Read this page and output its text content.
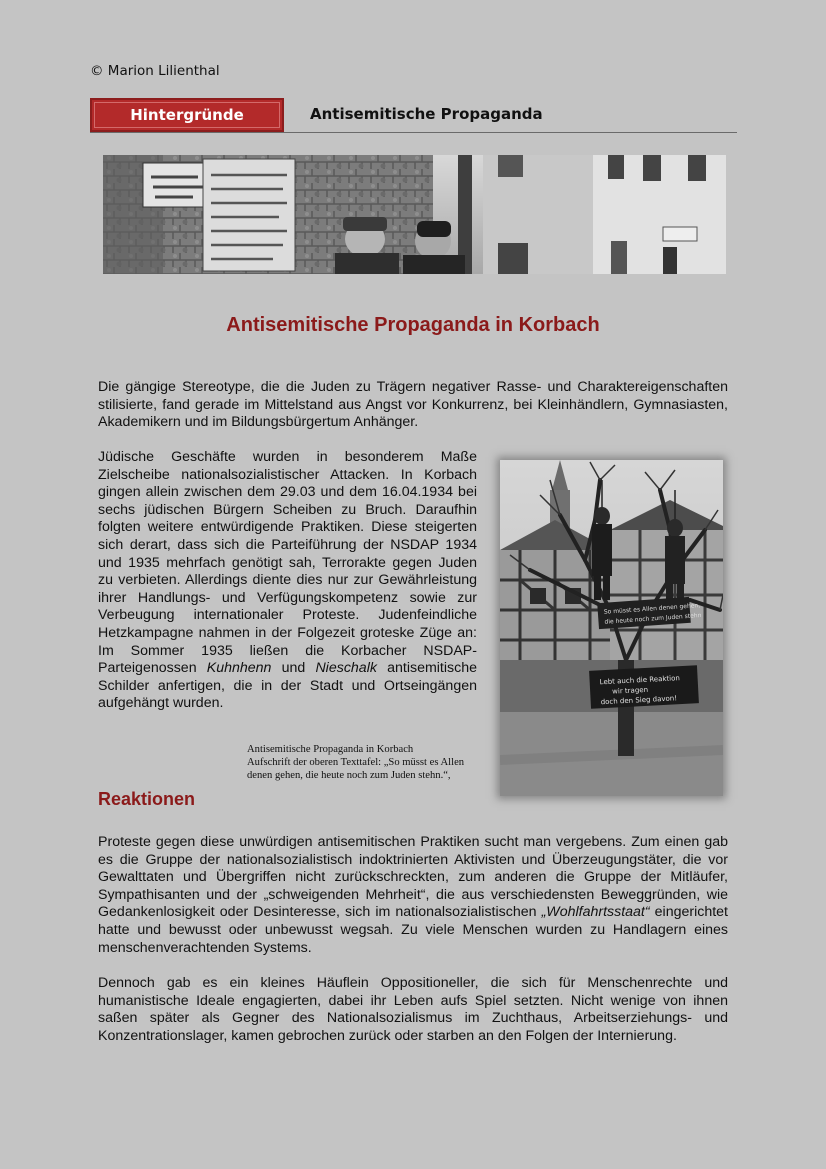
© Marion Lilienthal
Hintergründe	Antisemitische Propaganda
Antisemitische Propaganda in Korbach

Die gängige Stereotype, die die Juden zu Trägern negativer Rasse- und Charaktereigenschaften stilisierte, fand gerade im Mittelstand aus Angst vor Konkurrenz, bei Kleinhändlern, Gymnasiasten, Akademikern und im Bildungsbürgertum Anhänger.

Jüdische Geschäfte wurden in besonderem Maße Zielscheibe nationalsozialistischer Attacken. In Korbach gingen allein zwischen dem 29.03 und dem 16.04.1934 bei sechs jüdischen Bürgern Scheiben zu Bruch. Daraufhin folgten weitere entwürdigende Praktiken. Diese steigerten sich derart, dass sich die Parteiführung der NSDAP 1934 und 1935 mehrfach genötigt sah, Terrorakte gegen Juden zu verbieten. Allerdings diente dies nur zur Gewährleistung ihrer Handlungs- und Verfügungskompetenz sowie zur Verbeugung internationaler Proteste. Judenfeindliche Hetzkampagne nahmen in der Folgezeit groteske Züge an: Im Sommer 1935 ließen die Korbacher NSDAP-Parteigenossen Kuhnhenn und Nieschalk antisemitische Schilder anfertigen, die in der Stadt und Ortseingängen aufgehängt wurden.

So müsst es Allen denen gehen,
die heute noch zum Juden stehn
Lebt auch die Reaktion
wir tragen
doch den Sieg davon!
Antisemitische Propaganda in Korbach
Aufschrift der oberen Texttafel: „So müsst es Allen denen gehen, die heute noch zum Juden stehn.“,
Reaktionen

Proteste gegen diese unwürdigen antisemitischen Praktiken sucht man vergebens. Zum einen gab es die Gruppe der nationalsozialistisch indoktrinierten Aktivisten und Überzeugungstäter, die vor Gewalttaten und Übergriffen nicht zurückschreckten, zum anderen die Gruppe der Mitläufer, Sympathisanten und der „schweigenden Mehrheit“, die aus verschiedensten Beweggründen, wie Gedankenlosigkeit oder Desinteresse, sich im nationalsozialistischen „Wohlfahrtsstaat“ eingerichtet hatte und bewusst oder unbewusst wegsah. Zu viele Menschen wurden zu Handlagern eines menschenverachtenden Systems.

Dennoch gab es ein kleines Häuflein Oppositioneller, die sich für Menschenrechte und humanistische Ideale engagierten, dabei ihr Leben aufs Spiel setzten. Nicht wenige von ihnen saßen später als Gegner des Nationalsozialismus im Zuchthaus, Arbeitserziehungs- und Konzentrationslager, kamen gebrochen zurück oder starben an den Folgen der Internierung.
